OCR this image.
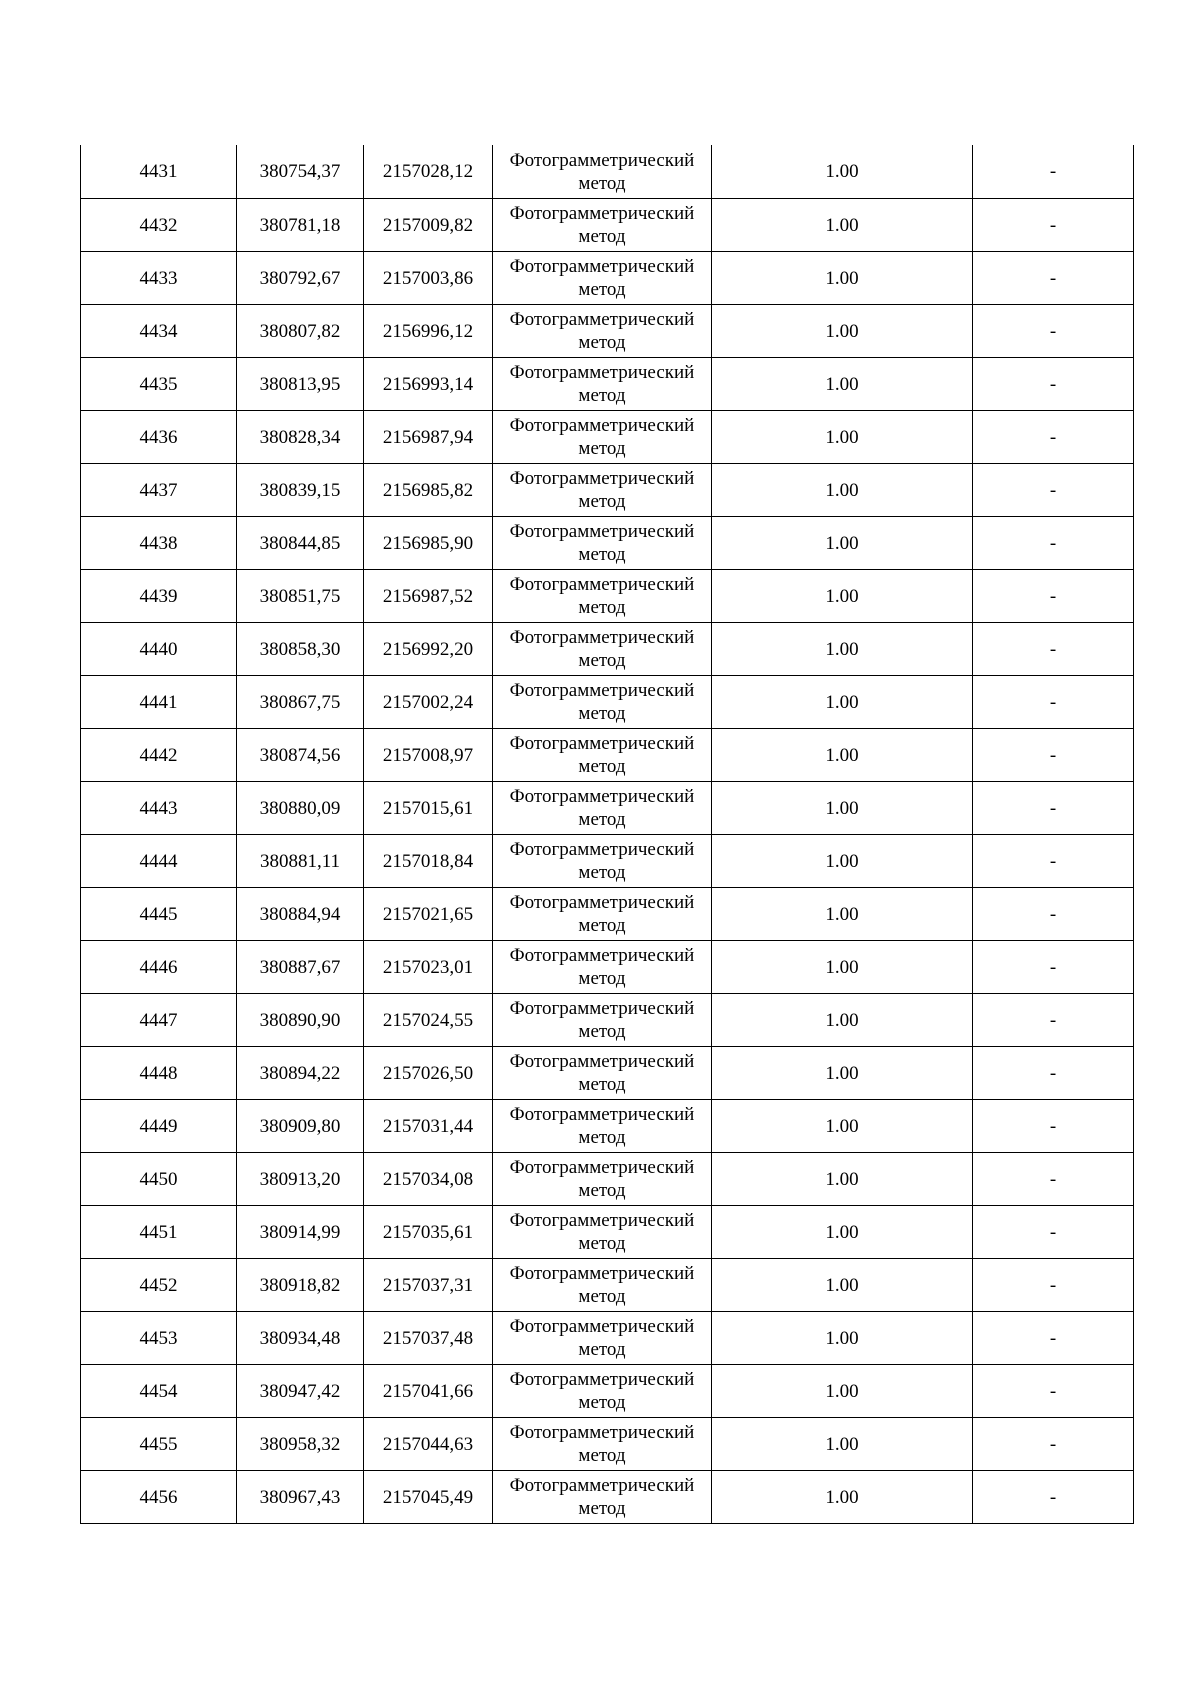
4431	380754,37	2157028,12	Фотограмметрический
метод	1.00	-
4432	380781,18	2157009,82	Фотограмметрический
метод	1.00	-
4433	380792,67	2157003,86	Фотограмметрический
метод	1.00	-
4434	380807,82	2156996,12	Фотограмметрический
метод	1.00	-
4435	380813,95	2156993,14	Фотограмметрический
метод	1.00	-
4436	380828,34	2156987,94	Фотограмметрический
метод	1.00	-
4437	380839,15	2156985,82	Фотограмметрический
метод	1.00	-
4438	380844,85	2156985,90	Фотограмметрический
метод	1.00	-
4439	380851,75	2156987,52	Фотограмметрический
метод	1.00	-
4440	380858,30	2156992,20	Фотограмметрический
метод	1.00	-
4441	380867,75	2157002,24	Фотограмметрический
метод	1.00	-
4442	380874,56	2157008,97	Фотограмметрический
метод	1.00	-
4443	380880,09	2157015,61	Фотограмметрический
метод	1.00	-
4444	380881,11	2157018,84	Фотограмметрический
метод	1.00	-
4445	380884,94	2157021,65	Фотограмметрический
метод	1.00	-
4446	380887,67	2157023,01	Фотограмметрический
метод	1.00	-
4447	380890,90	2157024,55	Фотограмметрический
метод	1.00	-
4448	380894,22	2157026,50	Фотограмметрический
метод	1.00	-
4449	380909,80	2157031,44	Фотограмметрический
метод	1.00	-
4450	380913,20	2157034,08	Фотограмметрический
метод	1.00	-
4451	380914,99	2157035,61	Фотограмметрический
метод	1.00	-
4452	380918,82	2157037,31	Фотограмметрический
метод	1.00	-
4453	380934,48	2157037,48	Фотограмметрический
метод	1.00	-
4454	380947,42	2157041,66	Фотограмметрический
метод	1.00	-
4455	380958,32	2157044,63	Фотограмметрический
метод	1.00	-
4456	380967,43	2157045,49	Фотограмметрический
метод	1.00	-
